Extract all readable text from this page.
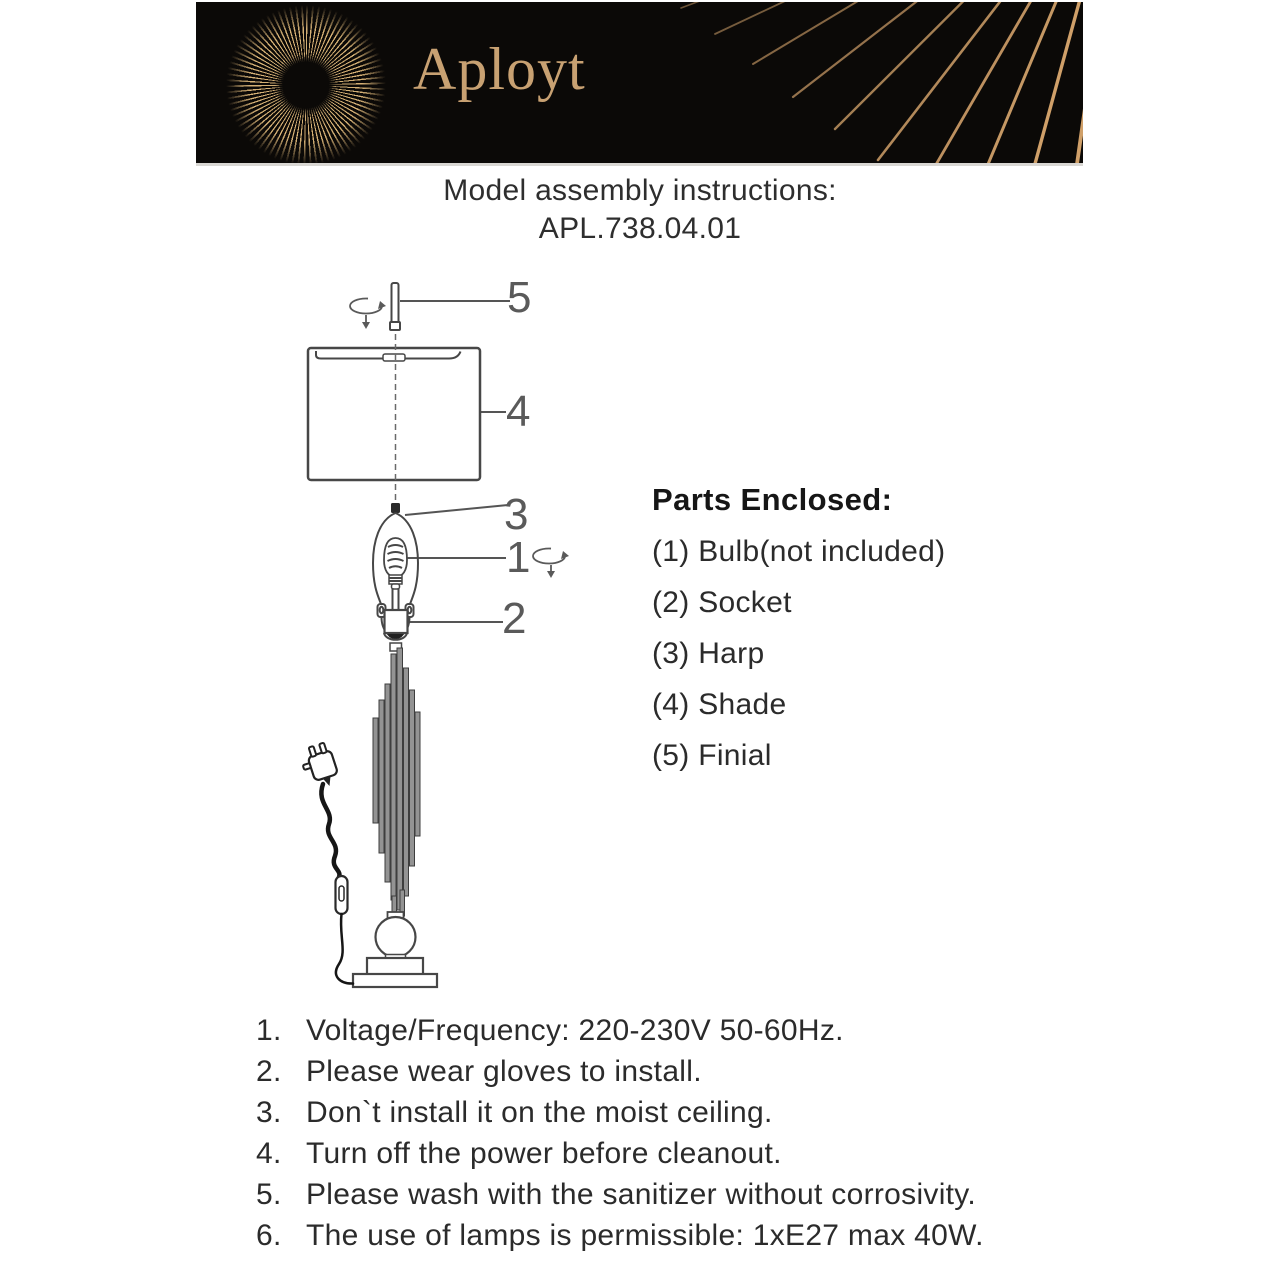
Aployt
Model assembly instructions:
APL.738.04.01
5
4
3
1
2
Parts Enclosed:
(1) Bulb(not included)
(2) Socket
(3) Harp
(4) Shade
(5) Finial
1. Voltage/Frequency: 220-230V 50-60Hz.
2. Please wear gloves to install.
3. Don`t install it on the moist ceiling.
4. Turn off the power before cleanout.
5. Please wash with the sanitizer without corrosivity.
6. The use of lamps is permissible: 1xE27 max 40W.
